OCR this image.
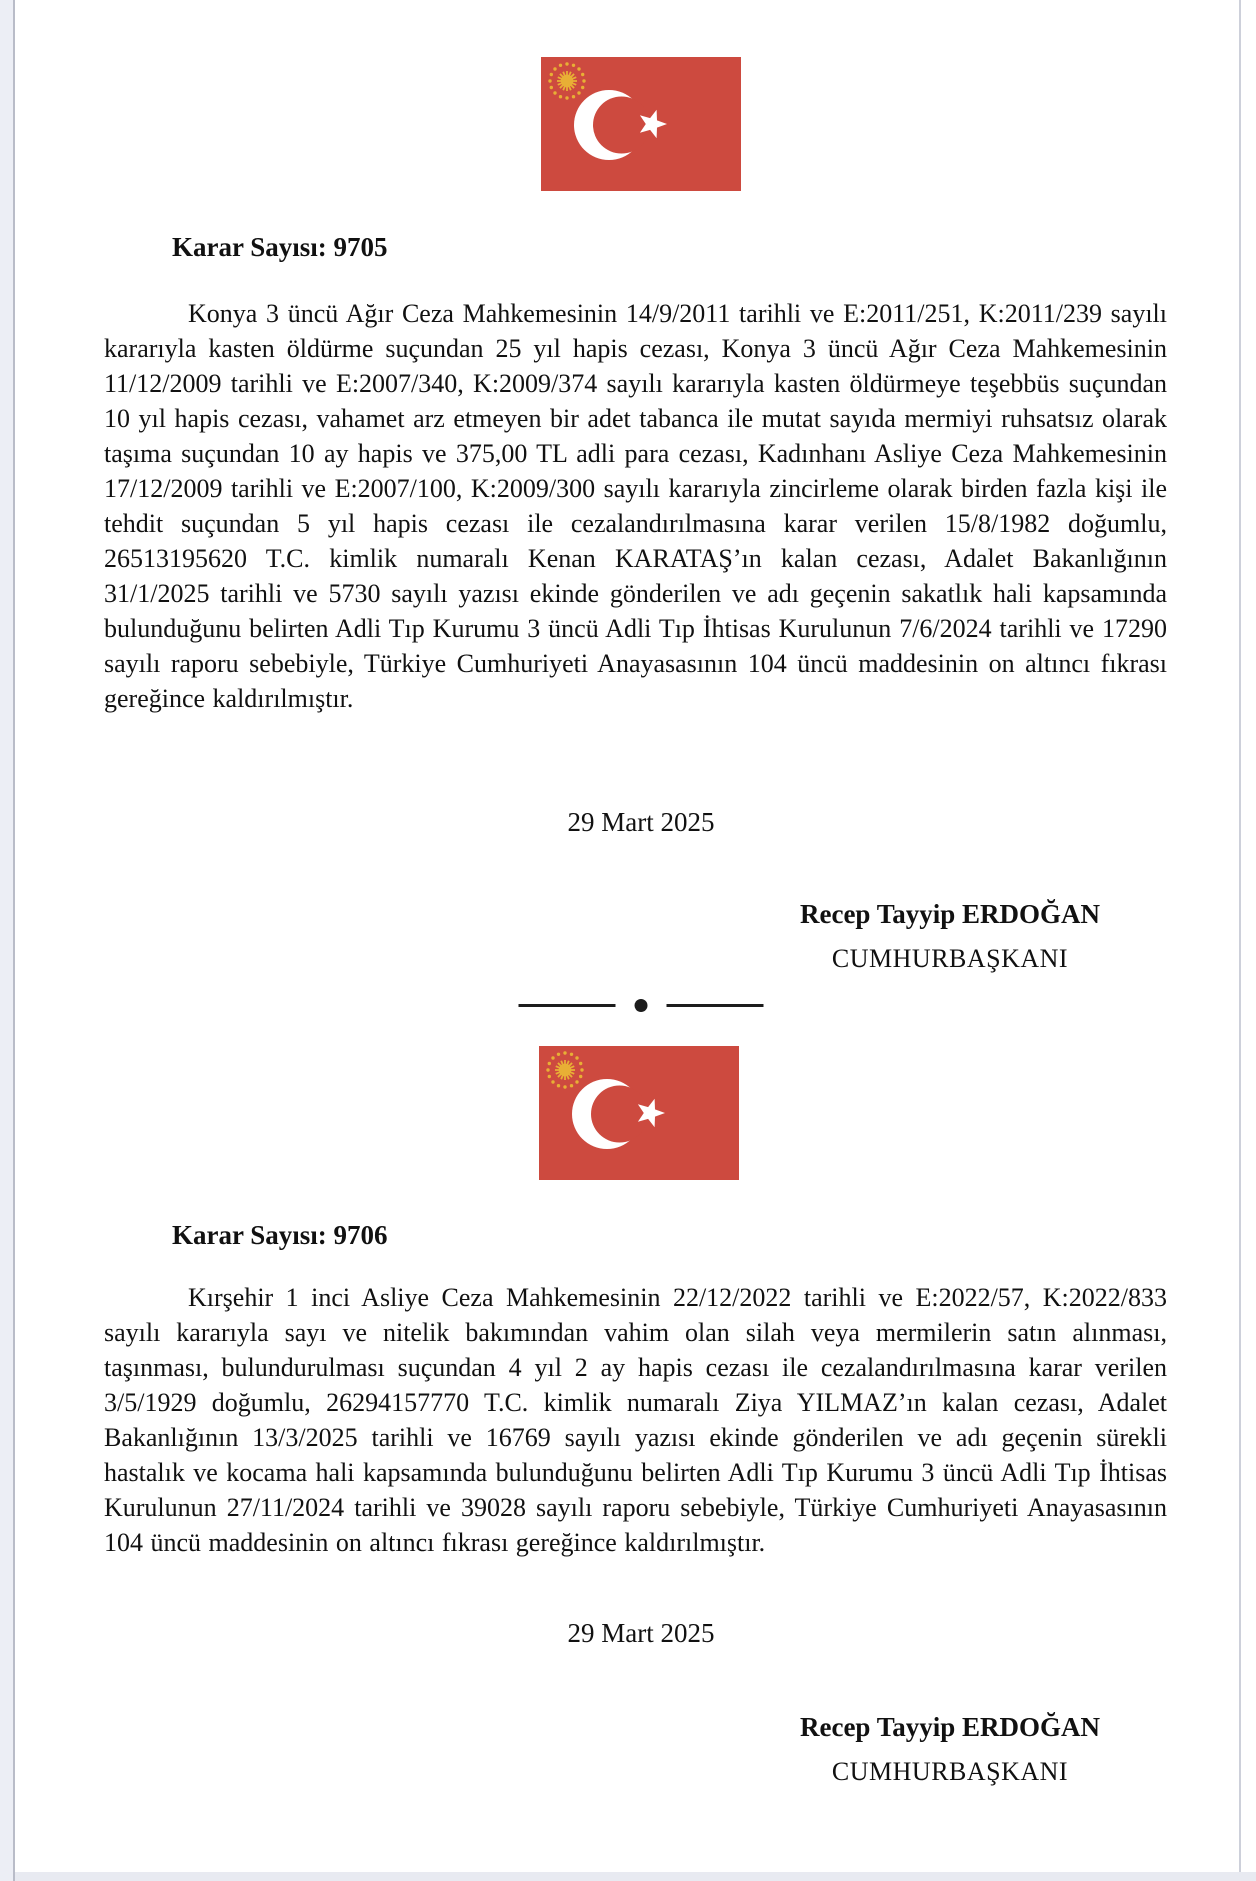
Karar Sayısı: 9705

Konya 3 üncü Ağır Ceza Mahkemesinin 14/9/2011 tarihli ve E:2011/251, K:2011/239 sayılı kararıyla kasten öldürme suçundan 25 yıl hapis cezası, Konya 3 üncü Ağır Ceza Mahkemesinin 11/12/2009 tarihli ve E:2007/340, K:2009/374 sayılı kararıyla kasten öldürmeye teşebbüs suçundan 10 yıl hapis cezası, vahamet arz etmeyen bir adet tabanca ile mutat sayıda mermiyi ruhsatsız olarak taşıma suçundan 10 ay hapis ve 375,00 TL adli para cezası, Kadınhanı Asliye Ceza Mahkemesinin 17/12/2009 tarihli ve E:2007/100, K:2009/300 sayılı kararıyla zincirleme olarak birden fazla kişi ile tehdit suçundan 5 yıl hapis cezası ile cezalandırılmasına karar verilen 15/8/1982 doğumlu, 26513195620 T.C. kimlik numaralı Kenan KARATAŞ’ın kalan cezası, Adalet Bakanlığının 31/1/2025 tarihli ve 5730 sayılı yazısı ekinde gönderilen ve adı geçenin sakatlık hali kapsamında bulunduğunu belirten Adli Tıp Kurumu 3 üncü Adli Tıp İhtisas Kurulunun 7/6/2024 tarihli ve 17290 sayılı raporu sebebiyle, Türkiye Cumhuriyeti Anayasasının 104 üncü maddesinin on altıncı fıkrası gereğince kaldırılmıştır.

29 Mart 2025

Recep Tayyip ERDOĞAN

CUMHURBAŞKANI

Karar Sayısı: 9706

Kırşehir 1 inci Asliye Ceza Mahkemesinin 22/12/2022 tarihli ve E:2022/57, K:2022/833 sayılı kararıyla sayı ve nitelik bakımından vahim olan silah veya mermilerin satın alınması, taşınması, bulundurulması suçundan 4 yıl 2 ay hapis cezası ile cezalandırılmasına karar verilen 3/5/1929 doğumlu, 26294157770 T.C. kimlik numaralı Ziya YILMAZ’ın kalan cezası, Adalet Bakanlığının 13/3/2025 tarihli ve 16769 sayılı yazısı ekinde gönderilen ve adı geçenin sürekli hastalık ve kocama hali kapsamında bulunduğunu belirten Adli Tıp Kurumu 3 üncü Adli Tıp İhtisas Kurulunun 27/11/2024 tarihli ve 39028 sayılı raporu sebebiyle, Türkiye Cumhuriyeti Anayasasının 104 üncü maddesinin on altıncı fıkrası gereğince kaldırılmıştır.

29 Mart 2025

Recep Tayyip ERDOĞAN

CUMHURBAŞKANI
